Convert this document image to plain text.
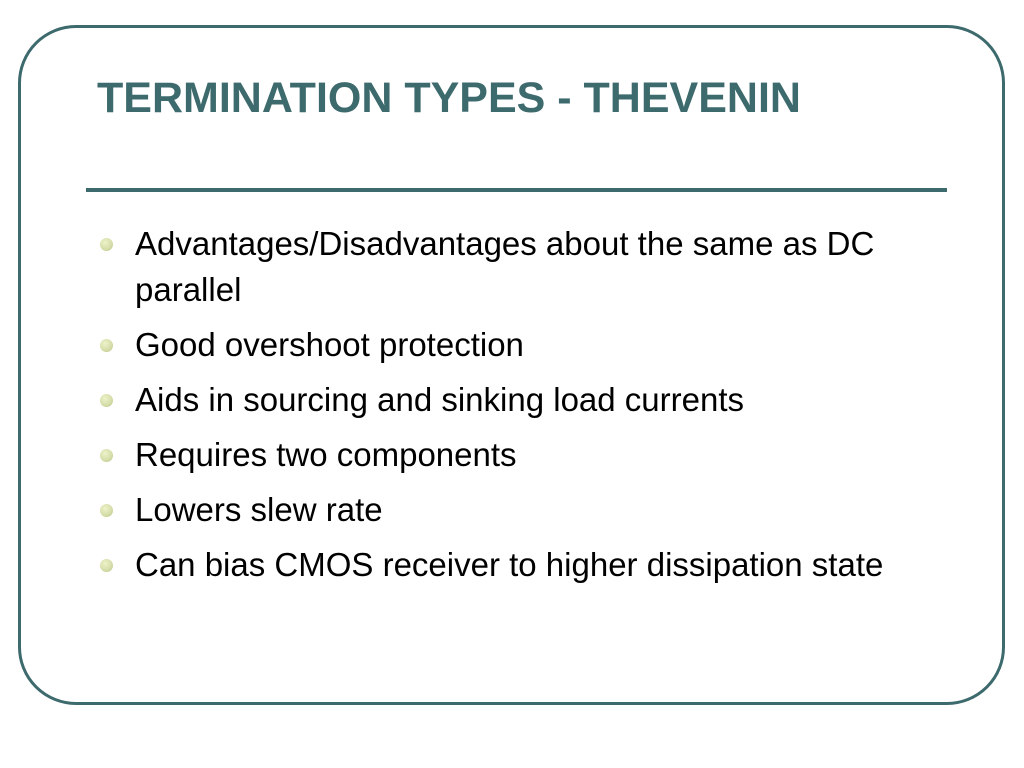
TERMINATION TYPES - THEVENIN
Advantages/Disadvantages about the same as DC parallel
Good overshoot protection
Aids in sourcing and sinking load currents
Requires two components
Lowers slew rate
Can bias CMOS receiver to higher dissipation state
